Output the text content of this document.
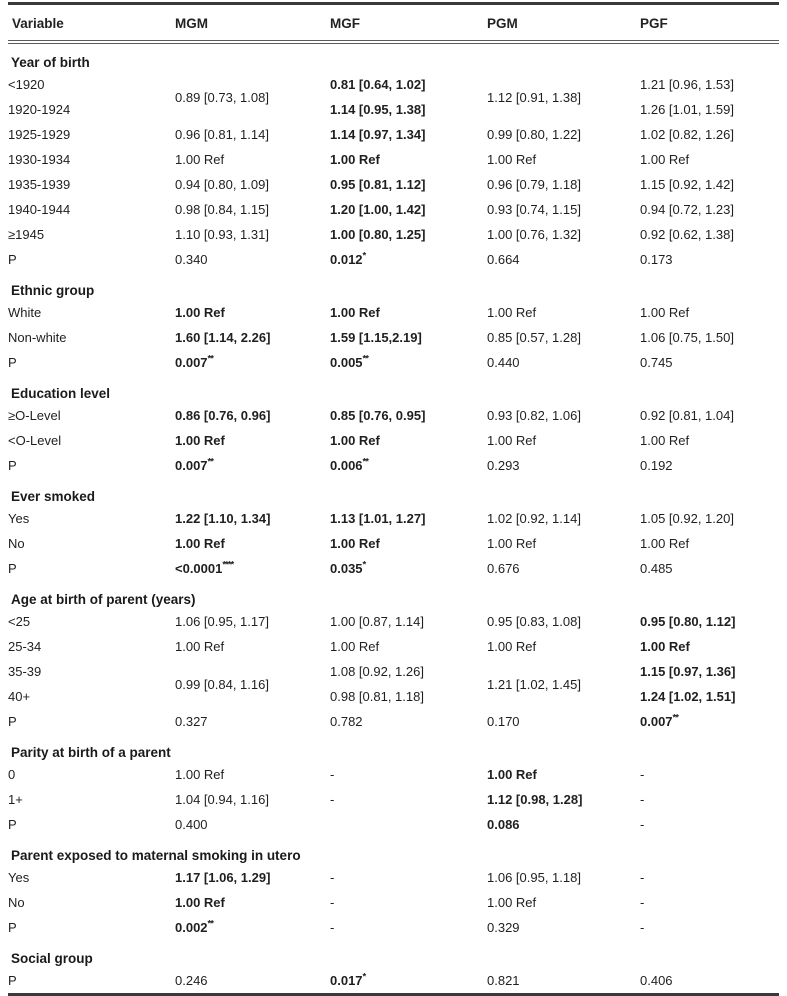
Variable	MGM	MGF	PGM	PGF
Year of birth				
<1920	0.89 [0.73, 1.08]	0.81 [0.64, 1.02]	1.12 [0.91, 1.38]	1.21 [0.96, 1.53]
1920-1924		1.14 [0.95, 1.38]		1.26 [1.01, 1.59]
1925-1929	0.96 [0.81, 1.14]	1.14 [0.97, 1.34]	0.99 [0.80, 1.22]	1.02 [0.82, 1.26]
1930-1934	1.00 Ref	1.00 Ref	1.00 Ref	1.00 Ref
1935-1939	0.94 [0.80, 1.09]	0.95 [0.81, 1.12]	0.96 [0.79, 1.18]	1.15 [0.92, 1.42]
1940-1944	0.98 [0.84, 1.15]	1.20 [1.00, 1.42]	0.93 [0.74, 1.15]	0.94 [0.72, 1.23]
≥1945	1.10 [0.93, 1.31]	1.00 [0.80, 1.25]	1.00 [0.76, 1.32]	0.92 [0.62, 1.38]
P	0.340	0.012*	0.664	0.173
Ethnic group				
White	1.00 Ref	1.00 Ref	1.00 Ref	1.00 Ref
Non-white	1.60 [1.14, 2.26]	1.59 [1.15,2.19]	0.85 [0.57, 1.28]	1.06 [0.75, 1.50]
P	0.007**	0.005**	0.440	0.745
Education level				
≥O-Level	0.86 [0.76, 0.96]	0.85 [0.76, 0.95]	0.93 [0.82, 1.06]	0.92 [0.81, 1.04]
<O-Level	1.00 Ref	1.00 Ref	1.00 Ref	1.00 Ref
P	0.007**	0.006**	0.293	0.192
Ever smoked				
Yes	1.22 [1.10, 1.34]	1.13 [1.01, 1.27]	1.02 [0.92, 1.14]	1.05 [0.92, 1.20]
No	1.00 Ref	1.00 Ref	1.00 Ref	1.00 Ref
P	<0.0001****	0.035*	0.676	0.485
Age at birth of parent (years)				
<25	1.06 [0.95, 1.17]	1.00 [0.87, 1.14]	0.95 [0.83, 1.08]	0.95 [0.80, 1.12]
25-34	1.00 Ref	1.00 Ref	1.00 Ref	1.00 Ref
35-39	0.99 [0.84, 1.16]	1.08 [0.92, 1.26]	1.21 [1.02, 1.45]	1.15 [0.97, 1.36]
40+		0.98 [0.81, 1.18]		1.24 [1.02, 1.51]
P	0.327	0.782	0.170	0.007**
Parity at birth of a parent				
0	1.00 Ref	-	1.00 Ref	-
1+	1.04 [0.94, 1.16]	-	1.12 [0.98, 1.28]	-
P	0.400		0.086	-
Parent exposed to maternal smoking in utero				
Yes	1.17 [1.06, 1.29]	-	1.06 [0.95, 1.18]	-
No	1.00 Ref	-	1.00 Ref	-
P	0.002**	-	0.329	-
Social group				
P	0.246	0.017*	0.821	0.406
